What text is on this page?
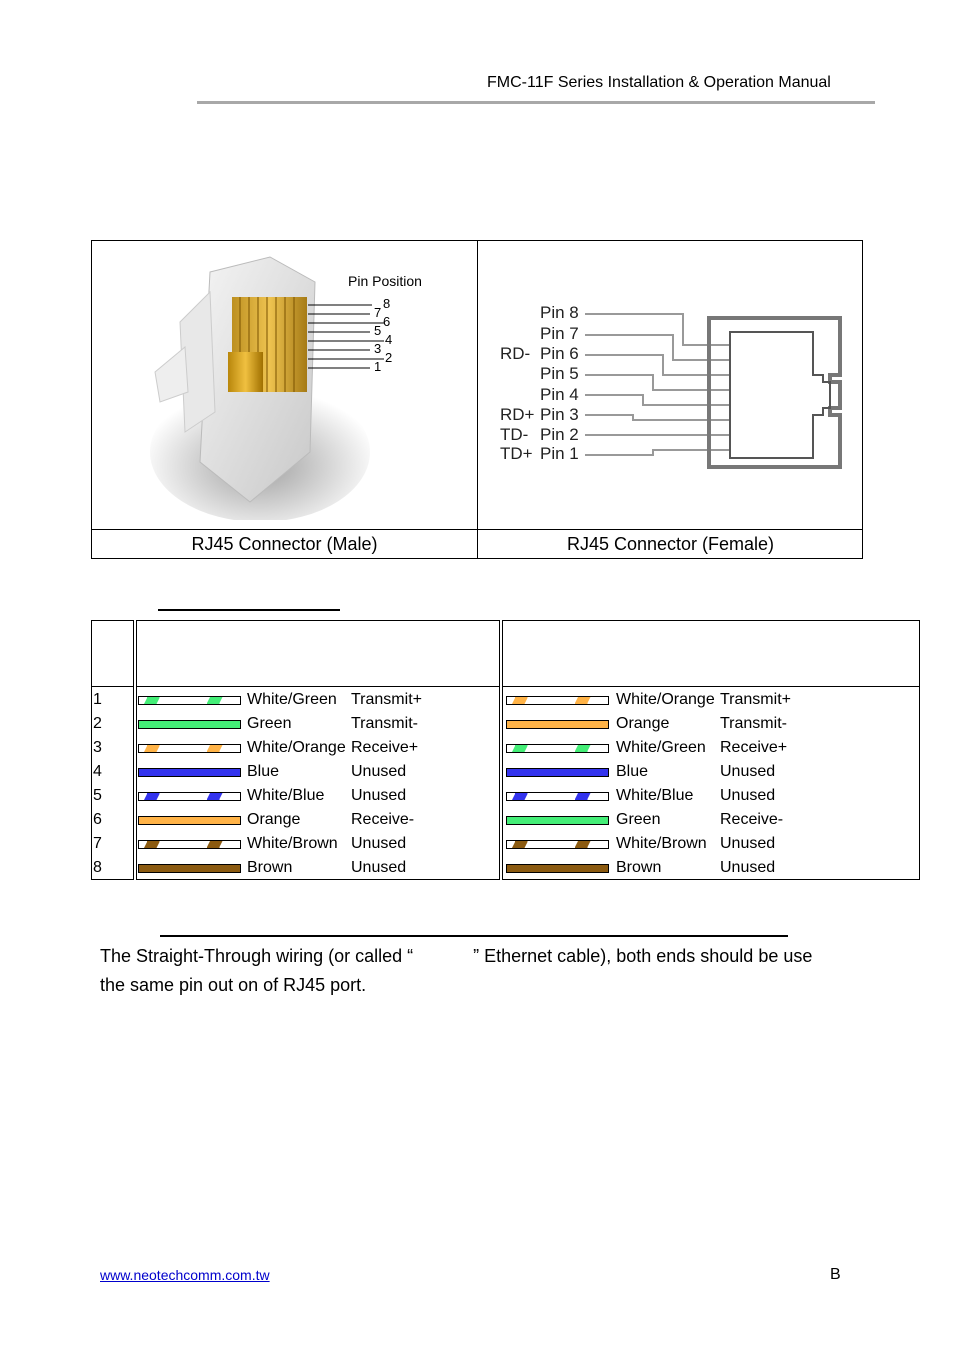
FMC-11F Series Installation & Operation Manual
Pin Position
8
7
6
5
4
3
2
1
Pin 8
Pin 7
RD- Pin 6
Pin 5
Pin 4
RD+ Pin 3
TD- Pin 2
TD+ Pin 1
RJ45 Connector (Male)	RJ45 Connector (Female)
1	White/Green Transmit+	White/Orange Transmit+
2	Green	Transmit-	Orange	Transmit-
3	White/Orange Receive+	White/Green Receive+
4	Blue	Unused	Blue	Unused
5	White/Blue Unused	White/Blue Unused
6	Orange	Receive-	Green	Receive-
7	White/Brown Unused	White/Brown Unused
8	Brown	Unused	Brown	Unused
The Straight-Through wiring (or called “	” Ethernet cable), both ends should be use
the same pin out on of RJ45 port.
www.neotechcomm.com.tw	B
